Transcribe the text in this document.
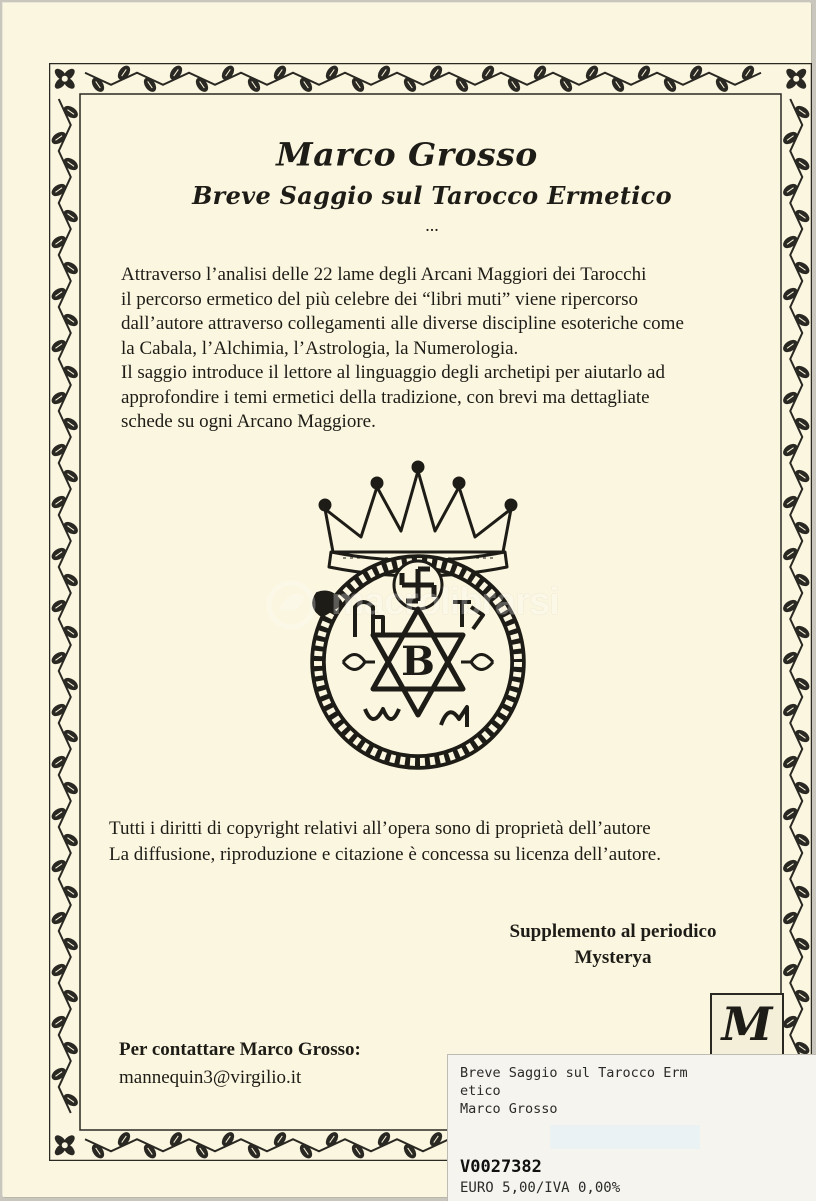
Marco Grosso
Breve Saggio sul Tarocco Ermetico
...
Attraverso l’analisi delle 22 lame degli Arcani Maggiori dei Tarocchi
il percorso ermetico del più celebre dei “libri muti” viene ripercorso
dall’autore attraverso collegamenti alle diverse discipline esoteriche come
la Cabala, l’Alchimia, l’Astrologia, la Numerologia.
Il saggio introduce il lettore al linguaggio degli archetipi per aiutarlo ad
approfondire i temi ermetici della tradizione, con brevi ma dettagliate
schede su ogni Arcano Maggiore.
B
macrolibrarsi
Tutti i diritti di copyright relativi all’opera sono di proprietà dell’autore
La diffusione, riproduzione e citazione è concessa su licenza dell’autore.
Supplemento al periodico
Mysterya
M
Per contattare Marco Grosso:
mannequin3@virgilio.it	Breve Saggio sul Tarocco Erm
etico
Marco Grosso
V0027382
EURO 5,00/IVA 0,00%
